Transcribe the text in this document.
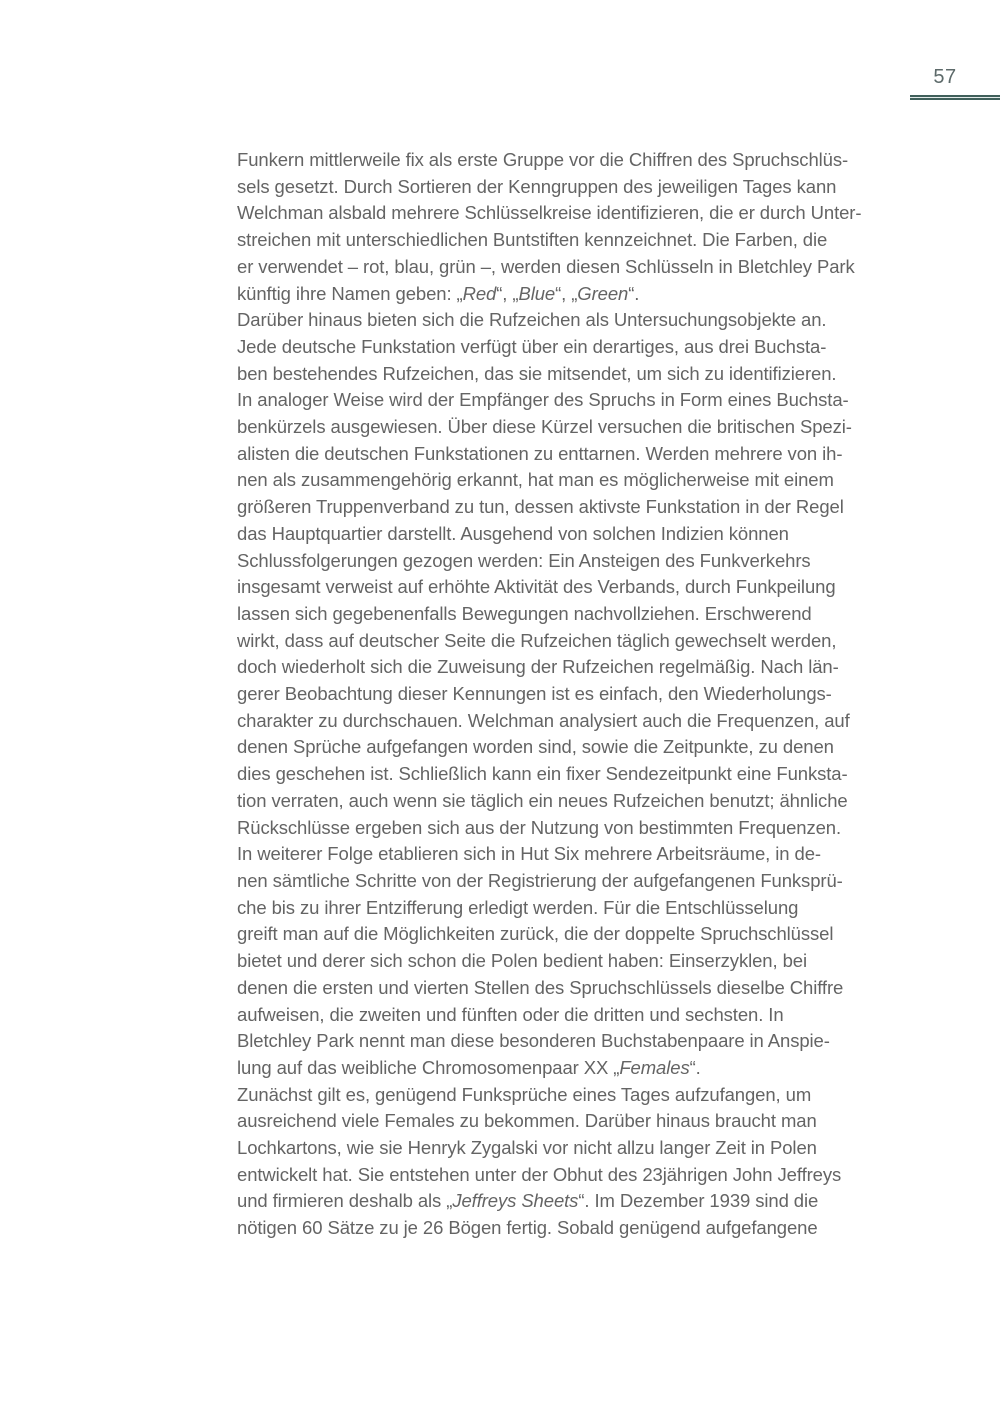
57
Funkern mittlerweile fix als erste Gruppe vor die Chiffren des Spruchschlüs-
sels gesetzt. Durch Sortieren der Kenngruppen des jeweiligen Tages kann
Welchman alsbald mehrere Schlüsselkreise identifizieren, die er durch Unter-
streichen mit unterschiedlichen Buntstiften kennzeichnet. Die Farben, die
er verwendet – rot, blau, grün –, werden diesen Schlüsseln in Bletchley Park
künftig ihre Namen geben: „Red“, „Blue“, „Green“.
Darüber hinaus bieten sich die Rufzeichen als Untersuchungsobjekte an.
Jede deutsche Funkstation verfügt über ein derartiges, aus drei Buchsta-
ben bestehendes Rufzeichen, das sie mitsendet, um sich zu identifizieren.
In analoger Weise wird der Empfänger des Spruchs in Form eines Buchsta-
benkürzels ausgewiesen. Über diese Kürzel versuchen die britischen Spezi-
alisten die deutschen Funkstationen zu enttarnen. Werden mehrere von ih-
nen als zusammengehörig erkannt, hat man es möglicherweise mit einem
größeren Truppenverband zu tun, dessen aktivste Funkstation in der Regel
das Hauptquartier darstellt. Ausgehend von solchen Indizien können
Schlussfolgerungen gezogen werden: Ein Ansteigen des Funkverkehrs
insgesamt verweist auf erhöhte Aktivität des Verbands, durch Funkpeilung
lassen sich gegebenenfalls Bewegungen nachvollziehen. Erschwerend
wirkt, dass auf deutscher Seite die Rufzeichen täglich gewechselt werden,
doch wiederholt sich die Zuweisung der Rufzeichen regelmäßig. Nach län-
gerer Beobachtung dieser Kennungen ist es einfach, den Wiederholungs-
charakter zu durchschauen. Welchman analysiert auch die Frequenzen, auf
denen Sprüche aufgefangen worden sind, sowie die Zeitpunkte, zu denen
dies geschehen ist. Schließlich kann ein fixer Sendezeitpunkt eine Funksta-
tion verraten, auch wenn sie täglich ein neues Rufzeichen benutzt; ähnliche
Rückschlüsse ergeben sich aus der Nutzung von bestimmten Frequenzen.
In weiterer Folge etablieren sich in Hut Six mehrere Arbeitsräume, in de-
nen sämtliche Schritte von der Registrierung der aufgefangenen Funksprü-
che bis zu ihrer Entzifferung erledigt werden. Für die Entschlüsselung
greift man auf die Möglichkeiten zurück, die der doppelte Spruchschlüssel
bietet und derer sich schon die Polen bedient haben: Einserzyklen, bei
denen die ersten und vierten Stellen des Spruchschlüssels dieselbe Chiffre
aufweisen, die zweiten und fünften oder die dritten und sechsten. In
Bletchley Park nennt man diese besonderen Buchstabenpaare in Anspie-
lung auf das weibliche Chromosomenpaar XX „Females“.
Zunächst gilt es, genügend Funksprüche eines Tages aufzufangen, um
ausreichend viele Females zu bekommen. Darüber hinaus braucht man
Lochkartons, wie sie Henryk Zygalski vor nicht allzu langer Zeit in Polen
entwickelt hat. Sie entstehen unter der Obhut des 23jährigen John Jeffreys
und firmieren deshalb als „Jeffreys Sheets“. Im Dezember 1939 sind die
nötigen 60 Sätze zu je 26 Bögen fertig. Sobald genügend aufgefangene
